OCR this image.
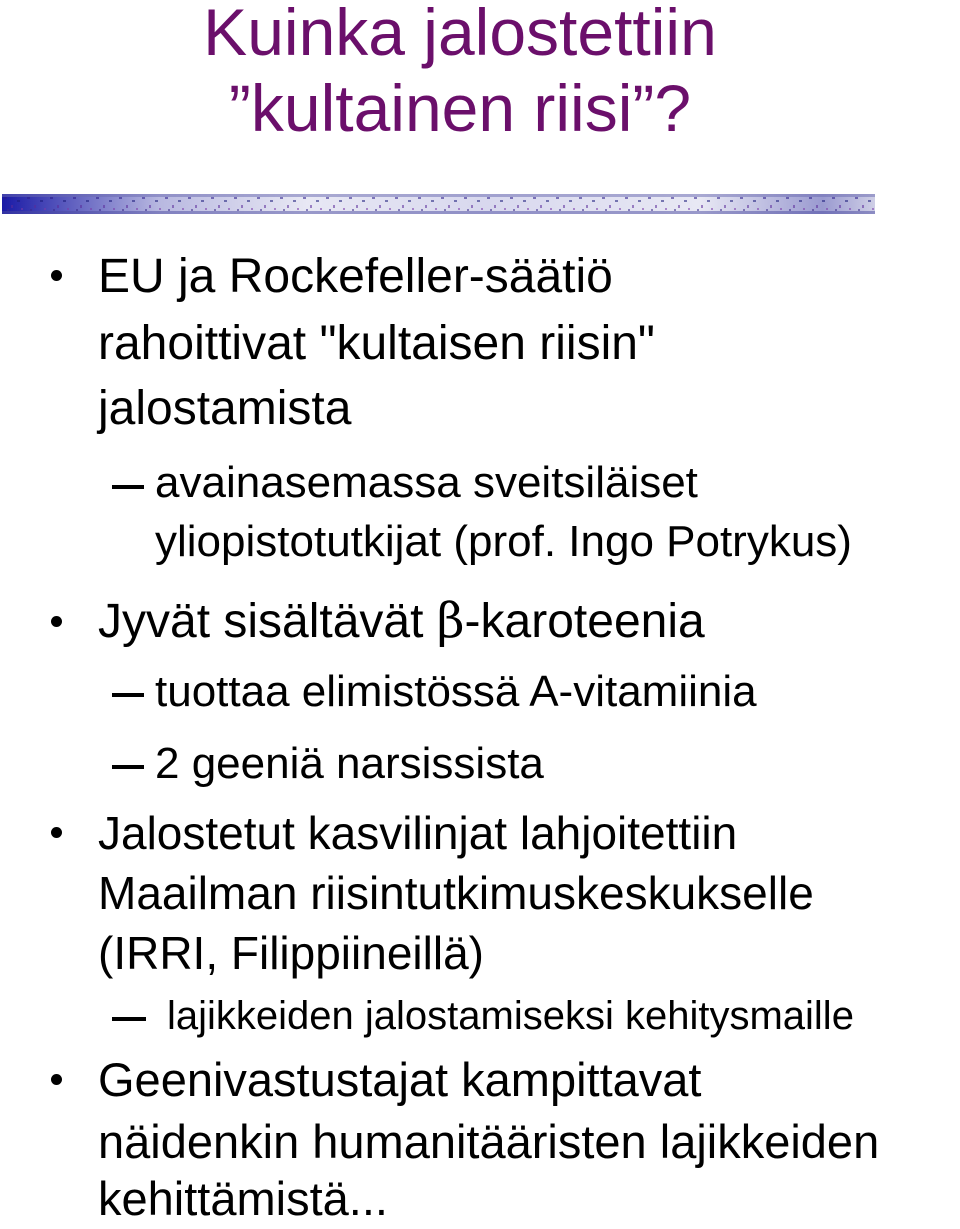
Kuinka jalostettiin
”kultainen riisi”?
EU ja Rockefeller-säätiö
rahoittivat "kultaisen riisin"
jalostamista
avainasemassa sveitsiläiset
yliopistotutkijat (prof. Ingo Potrykus)
Jyvät sisältävät β-karoteenia
tuottaa elimistössä A-vitamiinia
2 geeniä narsissista
Jalostetut kasvilinjat lahjoitettiin
Maailman riisintutkimuskeskukselle
(IRRI, Filippiineillä)
lajikkeiden jalostamiseksi kehitysmaille
Geenivastustajat kampittavat
näidenkin humanitääristen lajikkeiden
kehittämistä...
